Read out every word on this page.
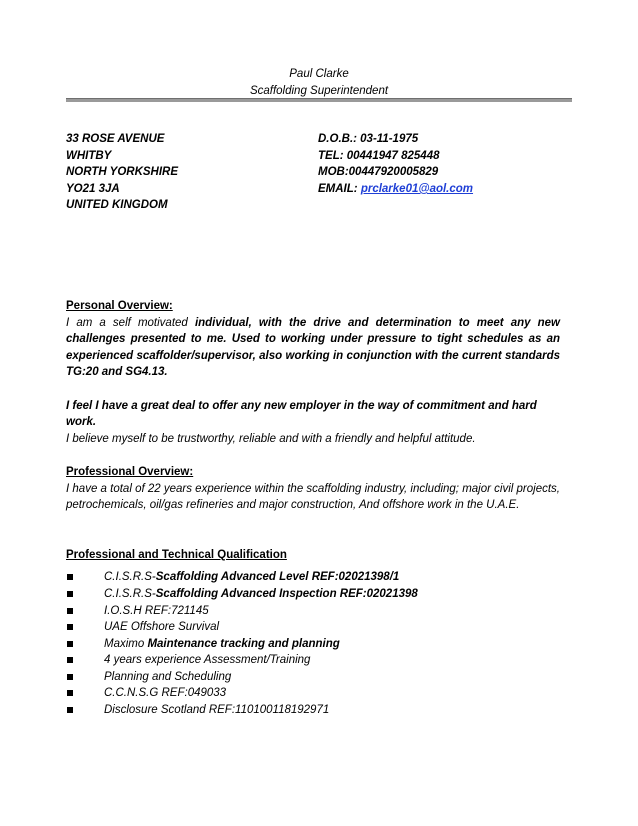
Paul Clarke
Scaffolding Superintendent
33 ROSE AVENUE
WHITBY
NORTH YORKSHIRE
YO21 3JA
UNITED KINGDOM
D.O.B.: 03-11-1975
TEL: 00441947 825448
MOB:00447920005829
EMAIL: prclarke01@aol.com
Personal Overview:
I am a self motivated individual, with the drive and determination to meet any new challenges presented to me. Used to working under pressure to tight schedules as an experienced scaffolder/supervisor, also working in conjunction with the current standards TG:20 and SG4.13.
I feel I have a great deal to offer any new employer in the way of commitment and hard work.
I believe myself to be trustworthy, reliable and with a friendly and helpful attitude.
Professional Overview:
I have a total of 22 years experience within the scaffolding industry, including; major civil projects, petrochemicals, oil/gas refineries and major construction, And offshore work in the U.A.E.
Professional and Technical Qualification
C.I.S.R.S-Scaffolding Advanced Level REF:02021398/1
C.I.S.R.S-Scaffolding Advanced Inspection REF:02021398
I.O.S.H REF:721145
UAE Offshore Survival
Maximo Maintenance tracking and planning
4 years experience Assessment/Training
Planning and Scheduling
C.C.N.S.G REF:049033
Disclosure Scotland REF:110100118192971
